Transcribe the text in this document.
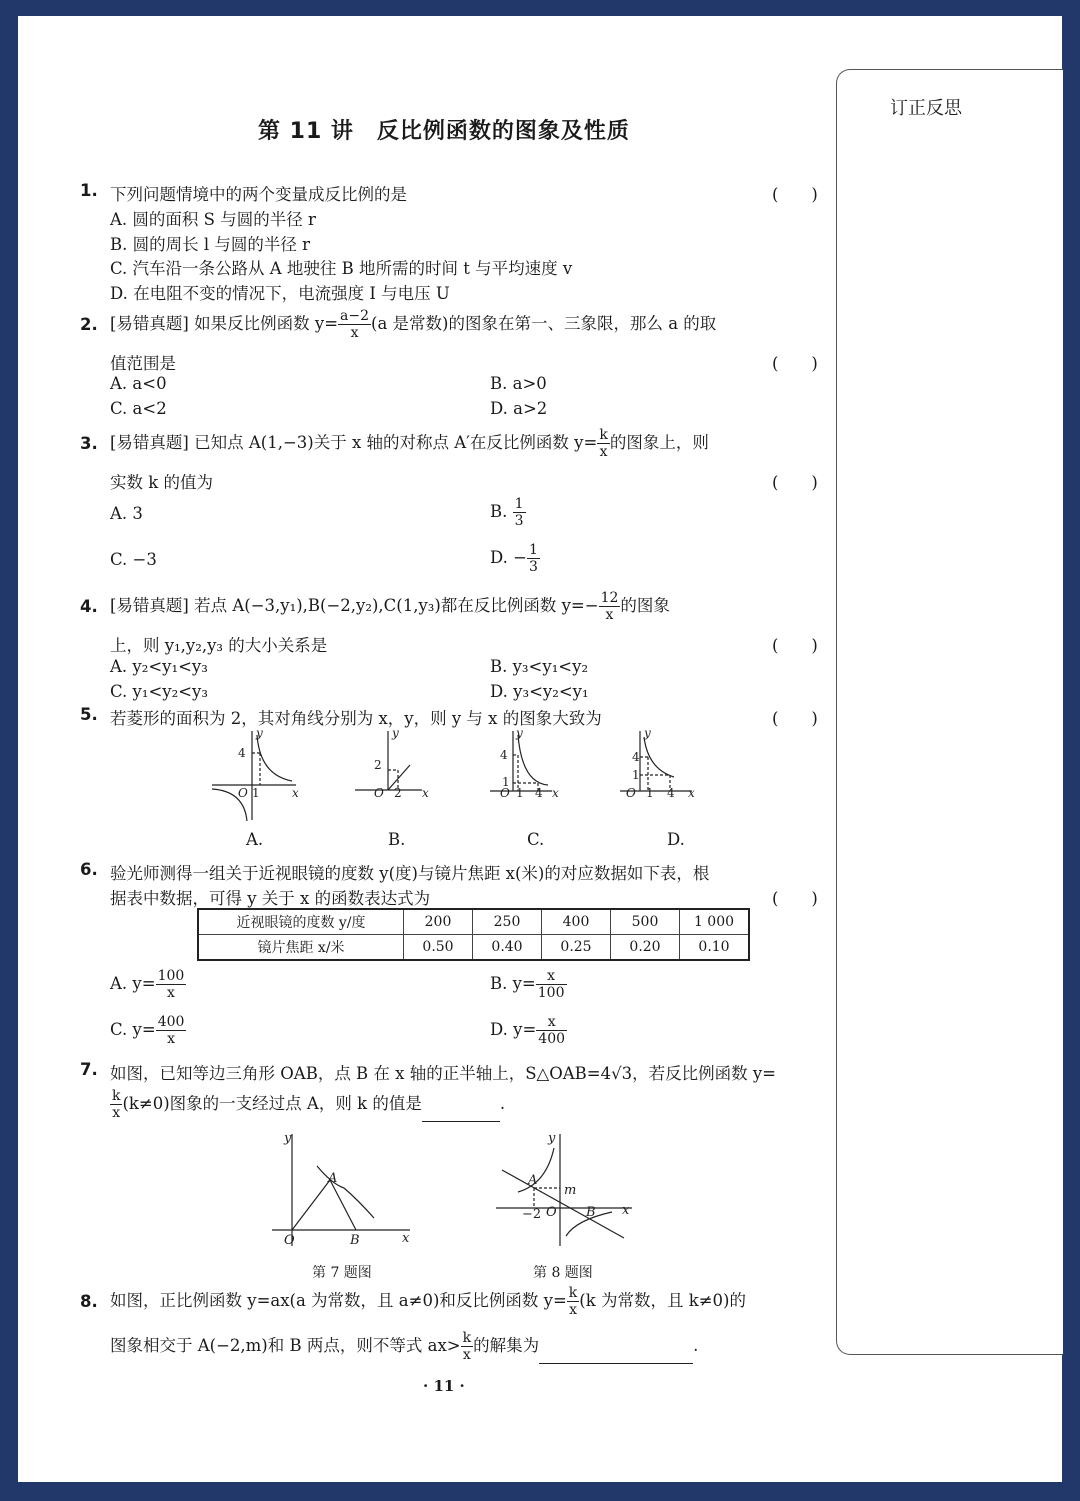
订正反思
第 11 讲　反比例函数的图象及性质
1. 下列问题情境中的两个变量成反比例的是	(　　)
A. 圆的面积 S 与圆的半径 r
B. 圆的周长 l 与圆的半径 r
C. 汽车沿一条公路从 A 地驶往 B 地所需的时间 t 与平均速度 v
D. 在电阻不变的情况下，电流强度 I 与电压 U
2. [易错真题] 如果反比例函数 $y= \frac{a-2}{x} (a$ 是常数)的图象在第一、三象限，那么 a 的取
值范围是	(　　)
A. a<0	B. a>0
C. a<2	D. a>2
3. [易错真题] 已知点 A(1,−3)关于 x 轴的对称点 A′在反比例函数 $y= \frac{k}{x}$ 的图象上，则
实数 k 的值为	(　　)
A. 3	B. $\frac{1}{3}$
C. −3	D. − $\frac{1}{3}$
4. [易错真题] 若点 A(−3,y₁),B(−2,y₂),C(1,y₃)都在反比例函数 $y=- \frac{12}{x}$ 的图象
上，则 y₁,y₂,y₃ 的大小关系是	(　　)
A. y₂<y₁<y₃	B. y₃<y₁<y₂
C. y₁<y₂<y₃	D. y₃<y₂<y₁
5. 若菱形的面积为 2，其对角线分别为 x，y，则 y 与 x 的图象大致为	(　　)
y
x
O
y
x
O
y
x
O
y
x
O
4
1
2
2
4
1
1 4
4
1
1 4
A.	B.	C.	D.
6. 验光师测得一组关于近视眼镜的度数 y(度)与镜片焦距 x(米)的对应数据如下表，根
据表中数据，可得 y 关于 x 的函数表达式为	(　　)
近视眼镜的度数 y/度	200	250	400	500	1 000
镜片焦距 x/米	0.50	0.40	0.25	0.20	0.10
A. $y= \frac{100}{x}$	B. $y= \frac{x}{100}$
C. $y= \frac{400}{x}$	D. $y= \frac{x}{400}$
7. 如图，已知等边三角形 OAB，点 B 在 x 轴的正半轴上，S△OAB=4√3，若反比例函数 y=
$\frac{k}{x} (k\ne 0)$图象的一支经过点 A，则 k 的值是	.
y
x
O
A
B
第 7 题图
y
x
O
A
B
m
−2
第 8 题图
8. 如图，正比例函数 y=ax(a 为常数，且 a≠0)和反比例函数 $y= \frac{k}{x} (k$ 为常数，且 k≠0)的
图象相交于 A(−2,m)和 B 两点，则不等式 $ax> \frac{k}{x}$ 的解集为	.
· 11 ·
